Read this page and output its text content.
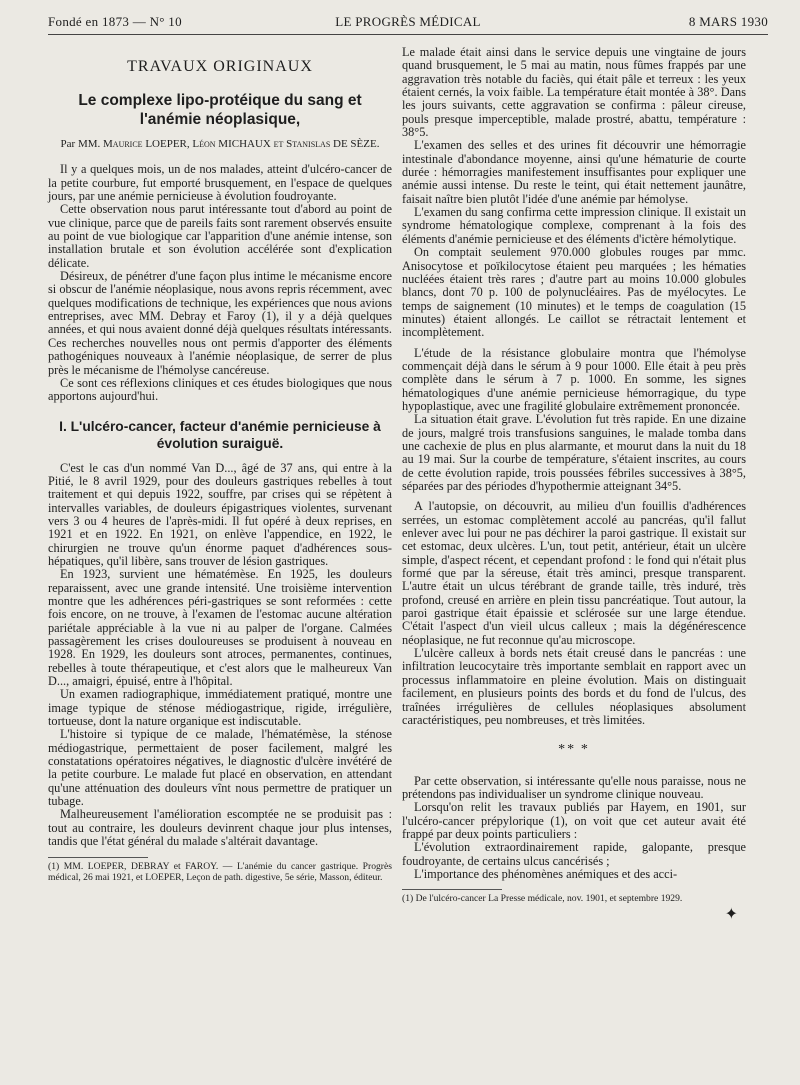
Fondé en 1873 — N° 10	LE PROGRÈS MÉDICAL	8 MARS 1930
TRAVAUX ORIGINAUX
Le complexe lipo-protéique du sang et l'anémie néoplasique,
Par MM. Maurice LOEPER, Léon MICHAUX et Stanislas DE SÈZE.

Il y a quelques mois, un de nos malades, atteint d'ulcéro-cancer de la petite courbure, fut emporté brusquement, en l'espace de quelques jours, par une anémie pernicieuse à évolution foudroyante.

Cette observation nous parut intéressante tout d'abord au point de vue clinique, parce que de pareils faits sont rarement observés ensuite au point de vue biologique car l'apparition d'une anémie intense, son installation brutale et son évolution accélérée sont d'explication délicate.

Désireux, de pénétrer d'une façon plus intime le mécanisme encore si obscur de l'anémie néoplasique, nous avons repris récemment, avec quelques modifications de technique, les expériences que nous avions entreprises, avec MM. Debray et Faroy (1), il y a déjà quelques années, et qui nous avaient donné déjà quelques résultats intéressants. Ces recherches nouvelles nous ont permis d'apporter des éléments pathogéniques nouveaux à l'anémie néoplasique, de serrer de plus près le mécanisme de l'hémolyse cancéreuse.

Ce sont ces réflexions cliniques et ces études biologiques que nous apportons aujourd'hui.

I. L'ulcéro-cancer, facteur d'anémie pernicieuse à évolution suraiguë.

C'est le cas d'un nommé Van D..., âgé de 37 ans, qui entre à la Pitié, le 8 avril 1929, pour des douleurs gastriques rebelles à tout traitement et qui depuis 1922, souffre, par crises qui se répètent à intervalles variables, de douleurs épigastriques violentes, survenant vers 3 ou 4 heures de l'après-midi. Il fut opéré à deux reprises, en 1921 et en 1922. En 1921, on enlève l'appendice, en 1922, le chirurgien ne trouve qu'un énorme paquet d'adhérences sous-hépatiques, qu'il libère, sans trouver de lésion gastriques.

En 1923, survient une hématémèse. En 1925, les douleurs reparaissent, avec une grande intensité. Une troisième intervention montre que les adhérences péri-gastriques se sont reformées : cette fois encore, on ne trouve, à l'examen de l'estomac aucune altération pariétale appréciable à la vue ni au palper de l'organe. Calmées passagèrement les crises douloureuses se produisent à nouveau en 1928. En 1929, les douleurs sont atroces, permanentes, continues, rebelles à toute thérapeutique, et c'est alors que le malheureux Van D..., amaigri, épuisé, entre à l'hôpital.

Un examen radiographique, immédiatement pratiqué, montre une image typique de sténose médiogastrique, rigide, irrégulière, tortueuse, dont la nature organique est indiscutable.

L'histoire si typique de ce malade, l'hématémèse, la sténose médiogastrique, permettaient de poser facilement, malgré les constatations opératoires négatives, le diagnostic d'ulcère invétéré de la petite courbure. Le malade fut placé en observation, en attendant qu'une atténuation des douleurs vînt nous permettre de pratiquer un tubage.

Malheureusement l'amélioration escomptée ne se produisit pas : tout au contraire, les douleurs devinrent chaque jour plus intenses, tandis que l'état général du malade s'altérait davantage.

(1) MM. LOEPER, DEBRAY et FAROY. — L'anémie du cancer gastrique. Progrès médical, 26 mai 1921, et LOEPER, Leçon de path. digestive, 5e série, Masson, éditeur.

Le malade était ainsi dans le service depuis une vingtaine de jours quand brusquement, le 5 mai au matin, nous fûmes frappés par une aggravation très notable du faciès, qui était pâle et terreux : les yeux étaient cernés, la voix faible. La température était montée à 38°. Dans les jours suivants, cette aggravation se confirma : pâleur cireuse, pouls presque imperceptible, malade prostré, abattu, température : 38°5.

L'examen des selles et des urines fit découvrir une hémorragie intestinale d'abondance moyenne, ainsi qu'une hématurie de courte durée : hémorragies manifestement insuffisantes pour expliquer une anémie aussi intense. Du reste le teint, qui était nettement jaunâtre, faisait naître bien plutôt l'idée d'une anémie par hémolyse.

L'examen du sang confirma cette impression clinique. Il existait un syndrome hématologique complexe, comprenant à la fois des éléments d'anémie pernicieuse et des éléments d'ictère hémolytique.

On comptait seulement 970.000 globules rouges par mmc. Anisocytose et poïkilocytose étaient peu marquées ; les hématies nucléées étaient très rares ; d'autre part au moins 10.000 globules blancs, dont 70 p. 100 de polynucléaires. Pas de myélocytes. Le temps de saignement (10 minutes) et le temps de coagulation (15 minutes) étaient allongés. Le caillot se rétractait lentement et incomplètement.

L'étude de la résistance globulaire montra que l'hémolyse commençait déjà dans le sérum à 9 pour 1000. Elle était à peu près complète dans le sérum à 7 p. 1000. En somme, les signes hématologiques d'une anémie pernicieuse hémorragique, du type hypoplastique, avec une fragilité globulaire extrêmement prononcée.

La situation était grave. L'évolution fut très rapide. En une dizaine de jours, malgré trois transfusions sanguines, le malade tomba dans une cachexie de plus en plus alarmante, et mourut dans la nuit du 18 au 19 mai. Sur la courbe de température, s'étaient inscrites, au cours de cette évolution rapide, trois poussées fébriles successives à 38°5, séparées par des périodes d'hypothermie atteignant 34°5.

A l'autopsie, on découvrit, au milieu d'un fouillis d'adhérences serrées, un estomac complètement accolé au pancréas, qu'il fallut enlever avec lui pour ne pas déchirer la paroi gastrique. Il existait sur cet estomac, deux ulcères. L'un, tout petit, antérieur, était un ulcère simple, d'aspect récent, et cependant profond : le fond qui n'était plus formé que par la séreuse, était très aminci, presque transparent. L'autre était un ulcus térébrant de grande taille, très induré, très profond, creusé en arrière en plein tissu pancréatique. Tout autour, la paroi gastrique était épaissie et sclérosée sur une large étendue. C'était l'aspect d'un vieil ulcus calleux ; mais la dégénérescence néoplasique, ne fut reconnue qu'au microscope.

L'ulcère calleux à bords nets était creusé dans le pancréas : une infiltration leucocytaire très importante semblait en rapport avec un processus inflammatoire en pleine évolution. Mais on distinguait facilement, en plusieurs points des bords et du fond de l'ulcus, des traînées irrégulières de cellules néoplasiques absolument caractéristiques, peu nombreuses, et très limitées.

** *

Par cette observation, si intéressante qu'elle nous paraisse, nous ne prétendons pas individualiser un syndrome clinique nouveau.

Lorsqu'on relit les travaux publiés par Hayem, en 1901, sur l'ulcéro-cancer prépylorique (1), on voit que cet auteur avait été frappé par deux points particuliers :

L'évolution extraordinairement rapide, galopante, presque foudroyante, de certains ulcus cancérisés ;

L'importance des phénomènes anémiques et des acci-

(1) De l'ulcéro-cancer La Presse médicale, nov. 1901, et septembre 1929.

✦
